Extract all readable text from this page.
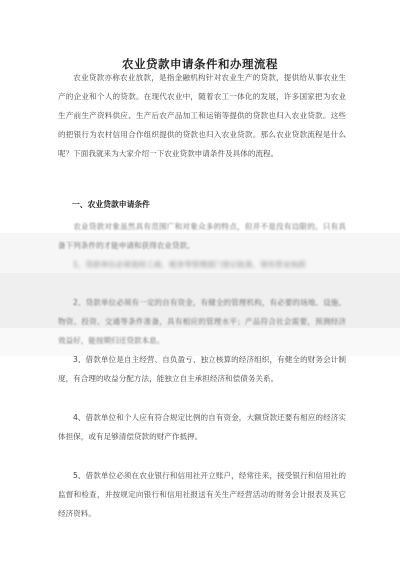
农业贷款申请条件和办理流程
农业贷款亦称农业放款，是指金融机构针对农业生产的贷款，提供给从事农业生产的企业和个人的贷款。在现代农业中，随着农工一体化的发展，许多国家把为农业生产前生产资料供应、生产后农产品加工和运销等提供的贷款也归入农业贷款。这些的把银行为农村信用合作组织提供的贷款也归入农业贷款。那么农业贷款流程是什么呢？下面我就来为大家介绍一下农业贷款申请条件及具体的流程。
一、农业贷款申请条件
农业贷款对象虽然具有范围广和对象众多的特点，但并不是没有边限的。只有具备下列条件的才能申请和获得农业贷款。
1、贷款单位必须是经工商、税务等管理部门登记批准、领有营业执照
2、贷款单位必须有一定的自有资金，有健全的管理机构，有必要的场地、设施、物资、投资、交通等条件准备，具有相应的管理水平；产品符合社会需要，预测经济效益好，能按期归还贷款本息。
3、借款单位是自主经营、自负盈亏、独立核算的经济组织，有健全的财务会计制度，有合理的收益分配方法，能独立自主承担经济和偿债务关系。
4、借款单位和个人应有符合规定比例的自有资金，大额贷款还要有相应的经济实体担保，或有足够清偿贷款的财产作抵押。
5、借款单位必须在农业银行和信用社开立账户，经常往来，接受银行和信用社的监督和检查，并按规定向银行和信用社报送有关生产经营活动的财务会计报表及其它经济资料。
